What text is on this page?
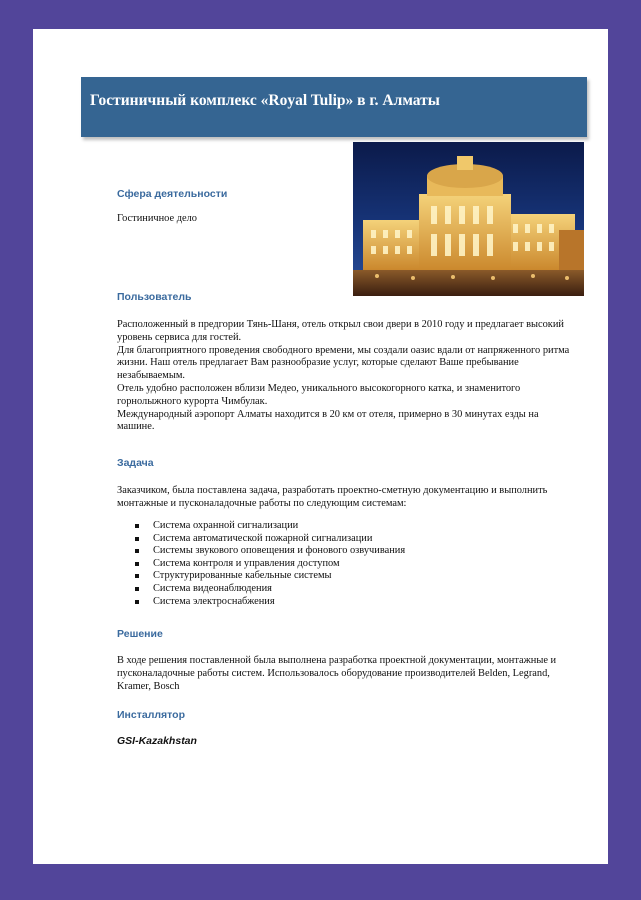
Гостиничный комплекс «Royal Tulip» в г. Алматы
Сфера деятельности
Гостиничное дело
Пользователь

Расположенный в предгории Тянь-Шаня, отель открыл свои двери в 2010 году и предлагает высокий уровень сервиса для гостей.

Для благоприятного проведения свободного времени, мы создали оазис вдали от напряженного ритма жизни. Наш отель предлагает Вам разнообразие услуг, которые сделают Ваше пребывание незабываемым.

Отель удобно расположен вблизи Медео, уникального высокогорного катка, и знаменитого горнолыжного курорта Чимбулак.

Международный аэропорт Алматы находится в 20 км от отеля, примерно в 30 минутах езды на машине.

Задача
Заказчиком, была поставлена задача, разработать проектно-сметную документацию и выполнить монтажные и пусконаладочные работы по следующим системам:
Система охранной сигнализации
Система автоматической пожарной сигнализации
Системы звукового оповещения и фонового озвучивания
Система контроля и управления доступом
Структурированные кабельные системы
Система видеонаблюдения
Система электроснабжения
Решение
В ходе решения поставленной была выполнена разработка проектной документации, монтажные и пусконаладочные работы систем. Использовалось оборудование производителей Belden, Legrand, Kramer, Bosch
Инсталлятор
GSI-Kazakhstan
